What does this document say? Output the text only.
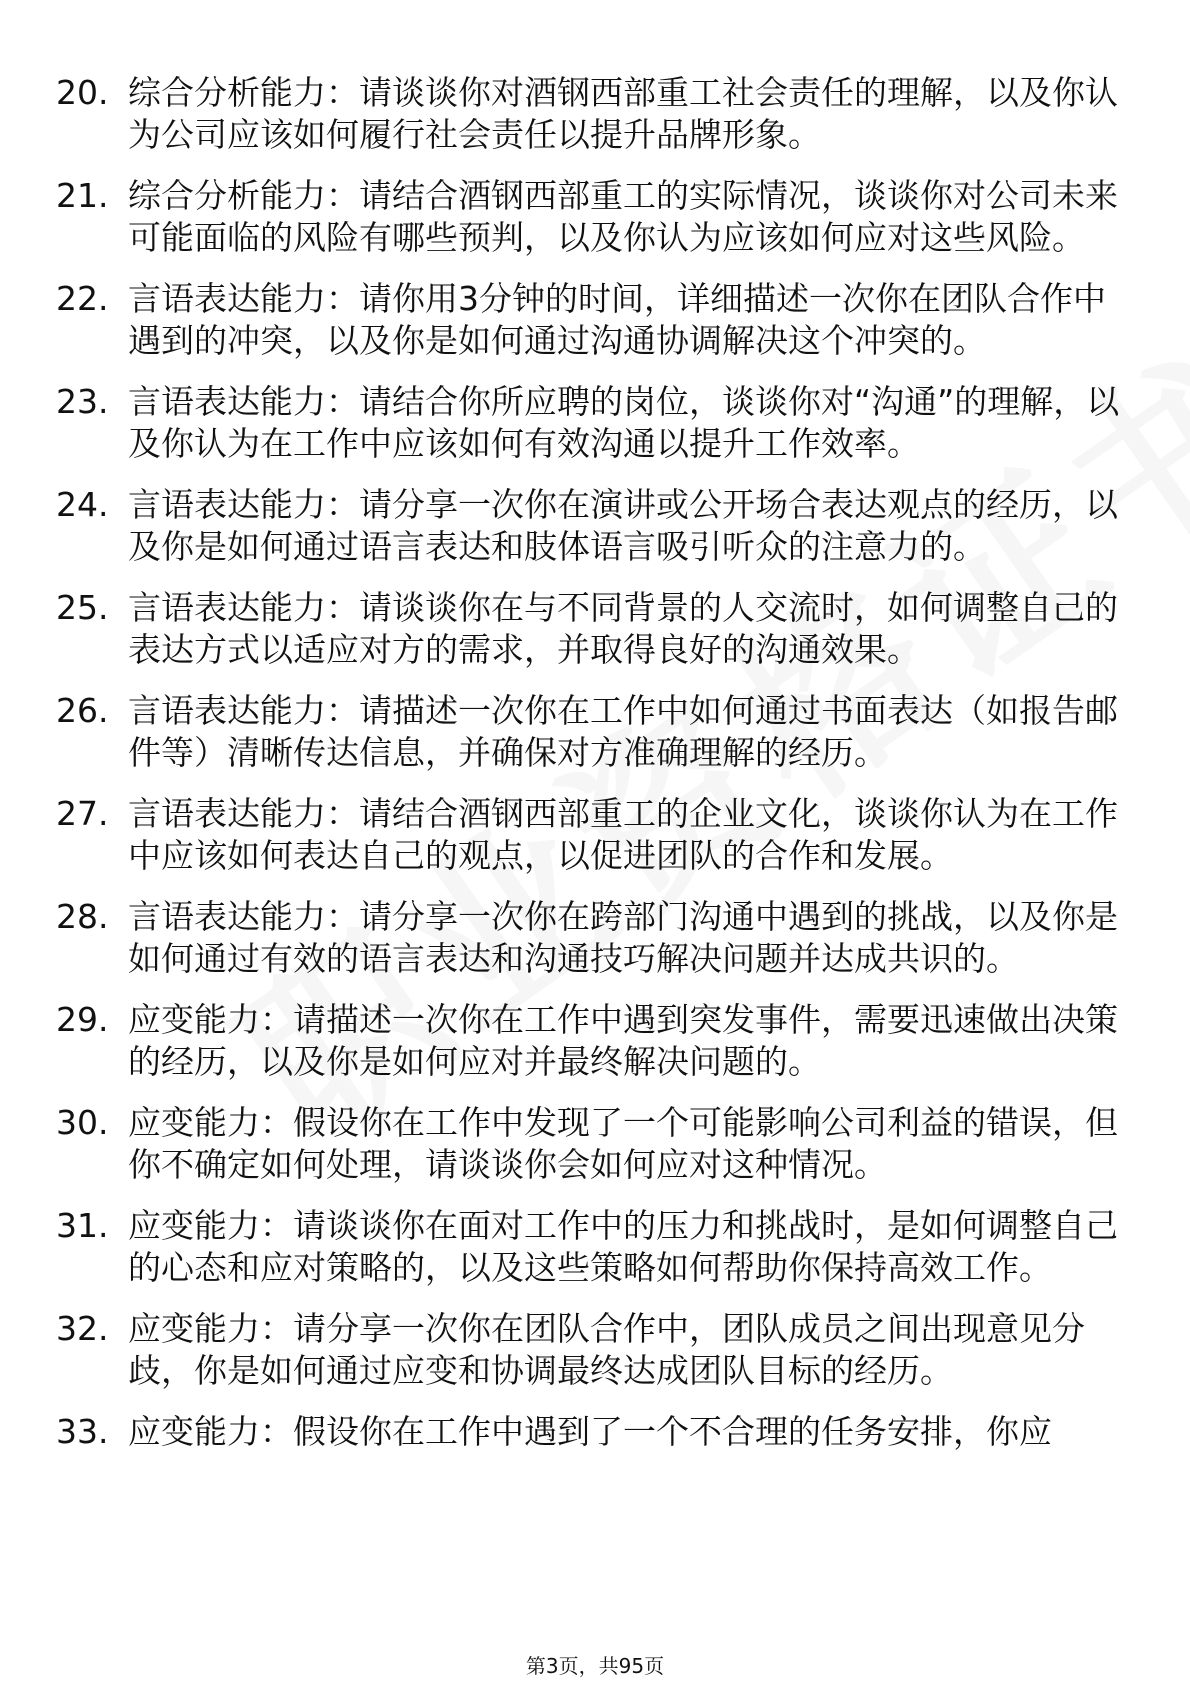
20. 综合分析能力：请谈谈你对酒钢西部重工社会责任的理解，以及你认为公司应该如何履行社会责任以提升品牌形象。
21. 综合分析能力：请结合酒钢西部重工的实际情况，谈谈你对公司未来可能面临的风险有哪些预判，以及你认为应该如何应对这些风险。
22. 言语表达能力：请你用3分钟的时间，详细描述一次你在团队合作中遇到的冲突，以及你是如何通过沟通协调解决这个冲突的。
23. 言语表达能力：请结合你所应聘的岗位，谈谈你对“沟通”的理解，以及你认为在工作中应该如何有效沟通以提升工作效率。
24. 言语表达能力：请分享一次你在演讲或公开场合表达观点的经历，以及你是如何通过语言表达和肢体语言吸引听众的注意力的。
25. 言语表达能力：请谈谈你在与不同背景的人交流时，如何调整自己的表达方式以适应对方的需求，并取得良好的沟通效果。
26. 言语表达能力：请描述一次你在工作中如何通过书面表达（如报告邮件等）清晰传达信息，并确保对方准确理解的经历。
27. 言语表达能力：请结合酒钢西部重工的企业文化，谈谈你认为在工作中应该如何表达自己的观点，以促进团队的合作和发展。
28. 言语表达能力：请分享一次你在跨部门沟通中遇到的挑战，以及你是如何通过有效的语言表达和沟通技巧解决问题并达成共识的。
29. 应变能力：请描述一次你在工作中遇到突发事件，需要迅速做出决策的经历，以及你是如何应对并最终解决问题的。
30. 应变能力：假设你在工作中发现了一个可能影响公司利益的错误，但你不确定如何处理，请谈谈你会如何应对这种情况。
31. 应变能力：请谈谈你在面对工作中的压力和挑战时，是如何调整自己的心态和应对策略的，以及这些策略如何帮助你保持高效工作。
32. 应变能力：请分享一次你在团队合作中，团队成员之间出现意见分歧，你是如何通过应变和协调最终达成团队目标的经历。
33. 应变能力：假设你在工作中遇到了一个不合理的任务安排，你应
第3页，共95页
